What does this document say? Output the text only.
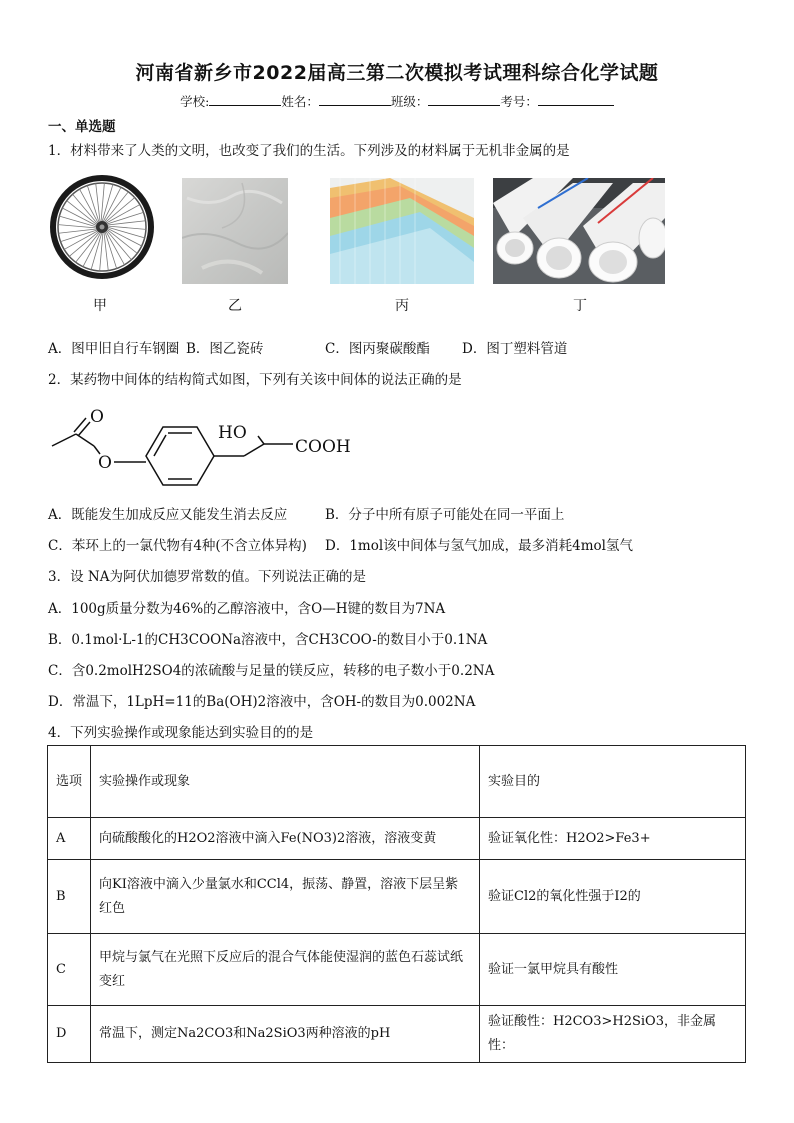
河南省新乡市2022届高三第二次模拟考试理科综合化学试题
学校:	姓名：	班级：	考号：
一、单选题
1．材料带来了人类的文明，也改变了我们的生活。下列涉及的材料属于无机非金属的是
甲	乙	丙	丁
A．图甲旧自行车钢圈 B．图乙瓷砖	C．图丙聚碳酸酯 D．图丁塑料管道
2．某药物中间体的结构简式如图，下列有关该中间体的说法正确的是
O
O
HO
COOH
A．既能发生加成反应又能发生消去反应	B．分子中所有原子可能处在同一平面上
C．苯环上的一氯代物有4种(不含立体异构) D．1mol该中间体与氢气加成，最多消耗4mol氢气
3．设 NA为阿伏加德罗常数的值。下列说法正确的是
A．100g质量分数为46%的乙醇溶液中，含O—H键的数目为7NA
B．0.1mol·L-1的CH3COONa溶液中，含CH3COO-的数目小于0.1NA
C．含0.2molH2SO4的浓硫酸与足量的镁反应，转移的电子数小于0.2NA
D．常温下，1LpH=11的Ba(OH)2溶液中，含OH-的数目为0.002NA
4．下列实验操作或现象能达到实验目的的是
选项	实验操作或现象	实验目的
A	向硫酸酸化的H2O2溶液中滴入Fe(NO3)2溶液，溶液变黄	验证氧化性：H2O2>Fe3+
B	向KI溶液中滴入少量氯水和CCl4，振荡、静置，溶液下层呈紫红色	验证Cl2的氧化性强于I2的
C	甲烷与氯气在光照下反应后的混合气体能使湿润的蓝色石蕊试纸变红	验证一氯甲烷具有酸性
D	常温下，测定Na2CO3和Na2SiO3两种溶液的pH	验证酸性：H2CO3>H2SiO3，非金属性：
